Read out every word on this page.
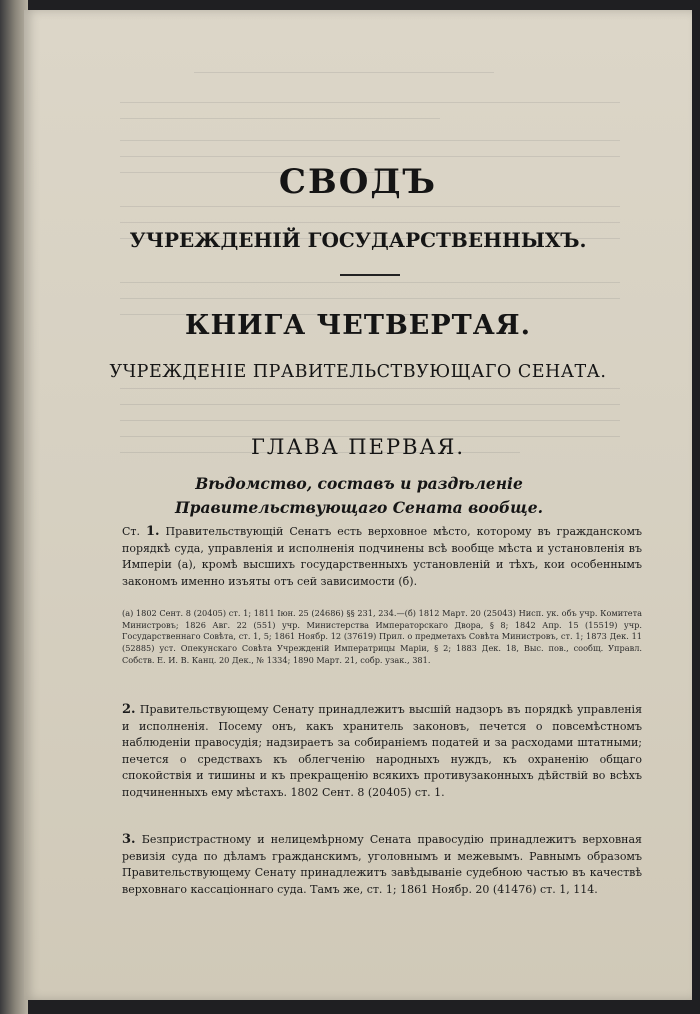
СВОДЪ
УЧРЕЖДЕНІЙ ГОСУДАРСТВЕННЫХЪ.
КНИГА ЧЕТВЕРТАЯ.
УЧРЕЖДЕНІЕ ПРАВИТЕЛЬСТВУЮЩАГО СЕНАТА.
ГЛАВА ПЕРВАЯ.
Вѣдомство, составъ и раздѣленіе Правительствующаго Сената вообще.
Ст. 1. Правительствующій Сенатъ есть верховное мѣсто, которому въ гражданскомъ порядкѣ суда, управленія и исполненія подчинены всѣ вообще мѣста и установленія въ Имперіи (а), кромѣ высшихъ государственныхъ установленій и тѣхъ, кои особеннымъ закономъ именно изъяты отъ сей зависимости (б).
(а) 1802 Сент. 8 (20405) ст. 1; 1811 Іюн. 25 (24686) §§ 231, 234.—(б) 1812 Март. 20 (25043) Нисп. ук. объ учр. Комитета Министровъ; 1826 Авг. 22 (551) учр. Министерства Императорскаго Двора, § 8; 1842 Апр. 15 (15519) учр. Государственнаго Совѣта, ст. 1, 5; 1861 Ноябр. 12 (37619) Прил. о предметахъ Совѣта Министровъ, ст. 1; 1873 Дек. 11 (52885) уст. Опекунскаго Совѣта Учрежденій Императрицы Маріи, § 2; 1883 Дек. 18, Выс. пов., сообщ. Управл. Собств. Е. И. В. Канц. 20 Дек., № 1334; 1890 Март. 21, собр. узак., 381.
2. Правительствующему Сенату принадлежитъ высшій надзоръ въ порядкѣ управленія и исполненія. Посему онъ, какъ хранитель законовъ, печется о повсемѣстномъ наблюденіи правосудія; надзираетъ за собираніемъ податей и за расходами штатными; печется о средствахъ къ облегченію народныхъ нуждъ, къ охраненію общаго спокойствія и тишины и къ прекращенію всякихъ противузаконныхъ дѣйствій во всѣхъ подчиненныхъ ему мѣстахъ. 1802 Сент. 8 (20405) ст. 1.
3. Безпристрастному и нелицемѣрному Сената правосудію принадлежитъ верховная ревизія суда по дѣламъ гражданскимъ, уголовнымъ и межевымъ. Равнымъ образомъ Правительствующему Сенату принадлежитъ завѣдываніе судебною частью въ качествѣ верховнаго кассаціоннаго суда. Тамъ же, ст. 1; 1861 Ноябр. 20 (41476) ст. 1, 114.
